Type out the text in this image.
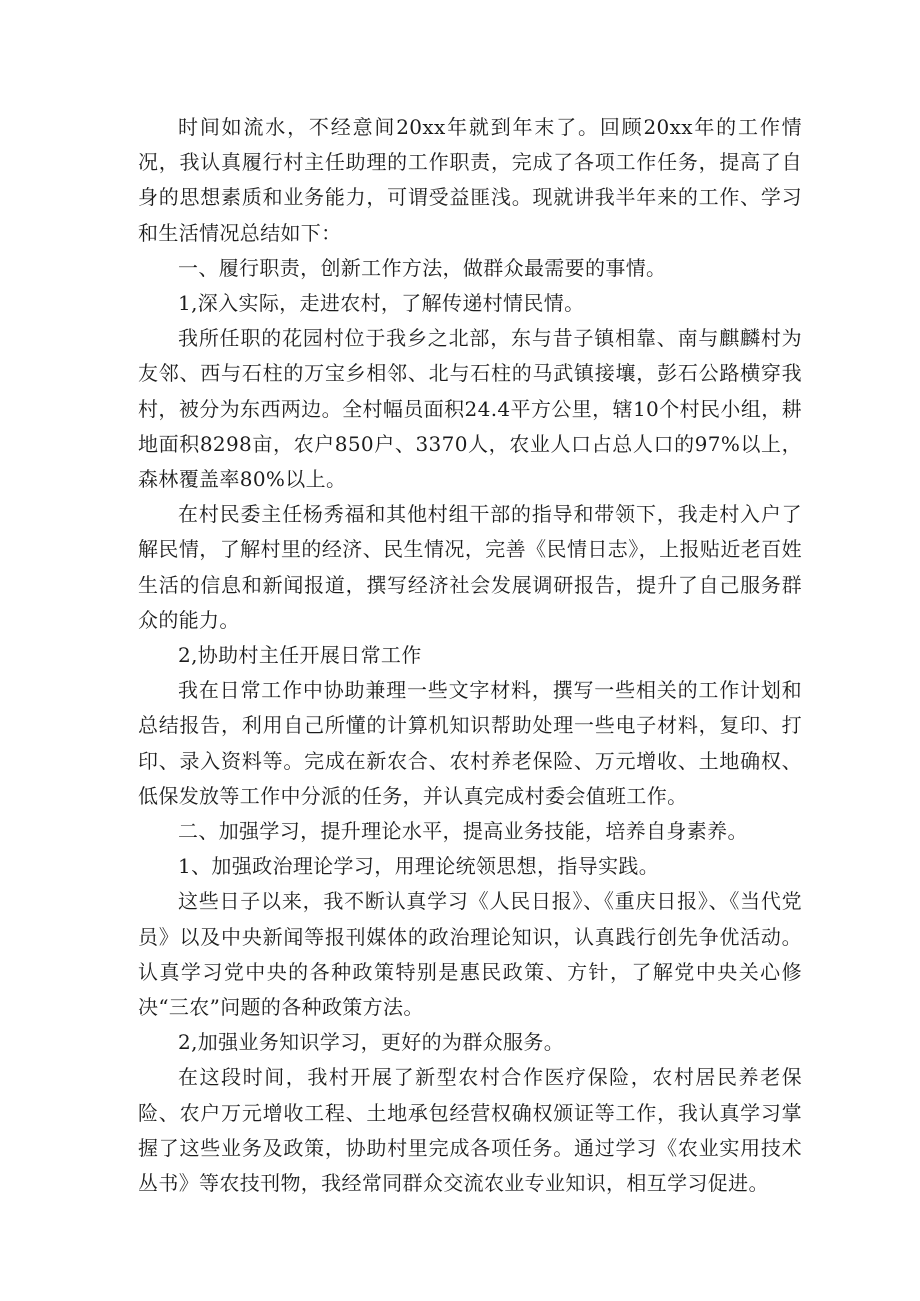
时间如流水，不经意间20xx年就到年末了。回顾20xx年的工作情况，我认真履行村主任助理的工作职责，完成了各项工作任务，提高了自身的思想素质和业务能力，可谓受益匪浅。现就讲我半年来的工作、学习和生活情况总结如下：

一、履行职责，创新工作方法，做群众最需要的事情。

1,深入实际，走进农村，了解传递村情民情。

我所任职的花园村位于我乡之北部，东与昔子镇相靠、南与麒麟村为友邻、西与石柱的万宝乡相邻、北与石柱的马武镇接壤，彭石公路横穿我村，被分为东西两边。全村幅员面积24.4平方公里，辖10个村民小组，耕地面积8298亩，农户850户、3370人，农业人口占总人口的97%以上，森林覆盖率80%以上。

在村民委主任杨秀福和其他村组干部的指导和带领下，我走村入户了解民情，了解村里的经济、民生情况，完善《民情日志》，上报贴近老百姓生活的信息和新闻报道，撰写经济社会发展调研报告，提升了自己服务群众的能力。

2,协助村主任开展日常工作

我在日常工作中协助兼理一些文字材料，撰写一些相关的工作计划和总结报告，利用自己所懂的计算机知识帮助处理一些电子材料，复印、打印、录入资料等。完成在新农合、农村养老保险、万元增收、土地确权、低保发放等工作中分派的任务，并认真完成村委会值班工作。

二、加强学习，提升理论水平，提高业务技能，培养自身素养。

1、加强政治理论学习，用理论统领思想，指导实践。

这些日子以来，我不断认真学习《人民日报》、《重庆日报》、《当代党员》以及中央新闻等报刊媒体的政治理论知识，认真践行创先争优活动。认真学习党中央的各种政策特别是惠民政策、方针，了解党中央关心修决“三农”问题的各种政策方法。

2,加强业务知识学习，更好的为群众服务。

在这段时间，我村开展了新型农村合作医疗保险，农村居民养老保险、农户万元增收工程、土地承包经营权确权颁证等工作，我认真学习掌握了这些业务及政策，协助村里完成各项任务。通过学习《农业实用技术丛书》等农技刊物，我经常同群众交流农业专业知识，相互学习促进。
